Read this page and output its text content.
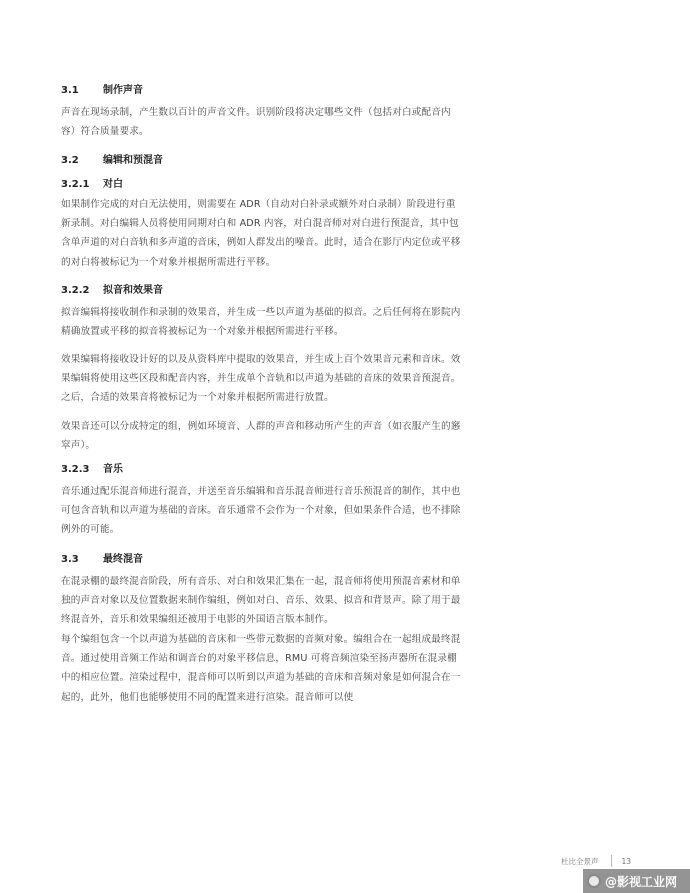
3.1	制作声音

声音在现场录制，产生数以百计的声音文件。识别阶段将决定哪些文件（包括对白或配音内容）符合质量要求。

3.2	编辑和预混音
3.2.1	对白

如果制作完成的对白无法使用，则需要在 ADR（自动对白补录或额外对白录制）阶段进行重新录制。对白编辑人员将使用同期对白和 ADR 内容，对白混音师对对白进行预混音，其中包含单声道的对白音轨和多声道的音床，例如人群发出的噪音。此时，适合在影厅内定位或平移的对白将被标记为一个对象并根据所需进行平移。

3.2.2	拟音和效果音

拟音编辑将接收制作和录制的效果音，并生成一些以声道为基础的拟音。之后任何将在影院内精确放置或平移的拟音将被标记为一个对象并根据所需进行平移。

效果编辑将接收设计好的以及从资料库中提取的效果音，并生成上百个效果音元素和音床。效果编辑将使用这些区段和配音内容，并生成单个音轨和以声道为基础的音床的效果音预混音。之后，合适的效果音将被标记为一个对象并根据所需进行放置。

效果音还可以分成特定的组，例如环境音、人群的声音和移动所产生的声音（如衣服产生的窸窣声）。

3.2.3	音乐

音乐通过配乐混音师进行混音，并送至音乐编辑和音乐混音师进行音乐预混音的制作，其中也可包含音轨和以声道为基础的音床。音乐通常不会作为一个对象，但如果条件合适，也不排除例外的可能。

3.3	最终混音

在混录棚的最终混音阶段，所有音乐、对白和效果汇集在一起，混音师将使用预混音素材和单独的声音对象以及位置数据来制作编组，例如对白、音乐、效果、拟音和背景声。除了用于最终混音外，音乐和效果编组还被用于电影的外国语言版本制作。

每个编组包含一个以声道为基础的音床和一些带元数据的音频对象。编组合在一起组成最终混音。通过使用音频工作站和调音台的对象平移信息，RMU 可将音频渲染至扬声器所在混录棚中的相应位置。渲染过程中，混音师可以听到以声道为基础的音床和音频对象是如何混合在一起的，此外，他们也能够使用不同的配置来进行渲染。混音师可以使

杜比全景声	13
@影视工业网
